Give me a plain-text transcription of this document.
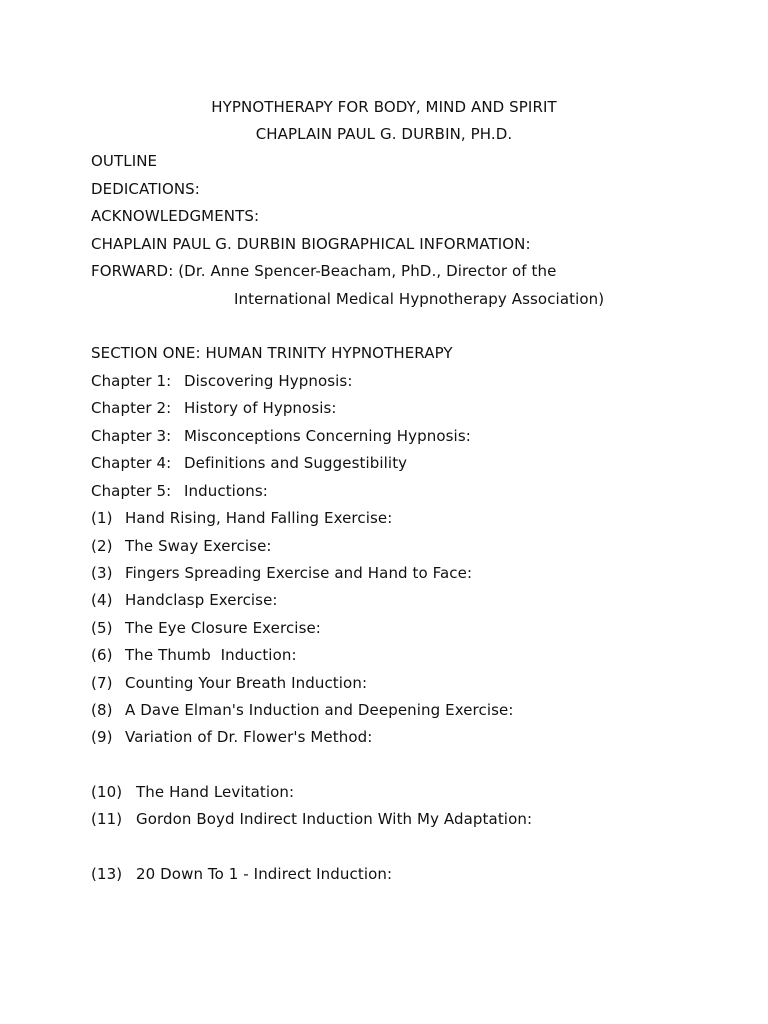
HYPNOTHERAPY FOR BODY, MIND AND SPIRIT
CHAPLAIN PAUL G. DURBIN, PH.D.
OUTLINE
DEDICATIONS:
ACKNOWLEDGMENTS:
CHAPLAIN PAUL G. DURBIN BIOGRAPHICAL INFORMATION:
FORWARD: (Dr. Anne Spencer-Beacham, PhD., Director of the
International Medical Hypnotherapy Association)
SECTION ONE: HUMAN TRINITY HYPNOTHERAPY
Chapter 1: Discovering Hypnosis:
Chapter 2: History of Hypnosis:
Chapter 3: Misconceptions Concerning Hypnosis:
Chapter 4: Definitions and Suggestibility
Chapter 5: Inductions:
(1) Hand Rising, Hand Falling Exercise:
(2) The Sway Exercise:
(3) Fingers Spreading Exercise and Hand to Face:
(4) Handclasp Exercise:
(5) The Eye Closure Exercise:
(6) The Thumb  Induction:
(7) Counting Your Breath Induction:
(8) A Dave Elman's Induction and Deepening Exercise:
(9) Variation of Dr. Flower's Method:
(10) The Hand Levitation:
(11) Gordon Boyd Indirect Induction With My Adaptation:
(13) 20 Down To 1 - Indirect Induction:
